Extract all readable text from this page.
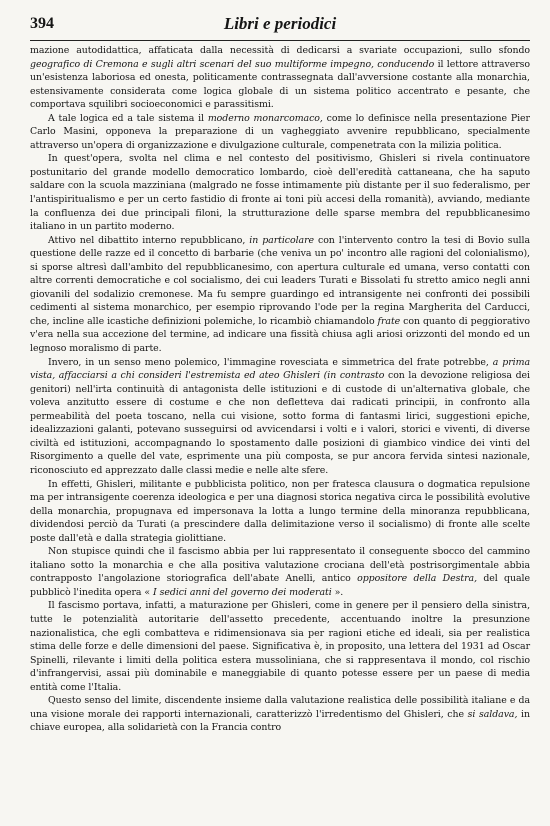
394	Libri e periodici

mazione autodidattica, affaticata dalla necessità di dedicarsi a svariate occupazioni, sullo sfondo geografico di Cremona e sugli altri scenari del suo multiforme impegno, conducendo il lettore attraverso un'esistenza laboriosa ed onesta, politicamente contrassegnata dall'avversione costante alla monarchia, estensivamente considerata come logica globale di un sistema politico accentrato e pesante, che comportava squilibri socioeconomici e parassitismi.

A tale logica ed a tale sistema il moderno monarcomaco, come lo definisce nella presentazione Pier Carlo Masini, opponeva la preparazione di un vagheggiato avvenire repubblicano, specialmente attraverso un'opera di organizzazione e divulgazione culturale, compenetrata con la milizia politica.

In quest'opera, svolta nel clima e nel contesto del positivismo, Ghisleri si rivela continuatore postunitario del grande modello democratico lombardo, cioè dell'eredità cattaneana, che ha saputo saldare con la scuola mazziniana (malgrado ne fosse intimamente più distante per il suo federalismo, per l'antispiritualismo e per un certo fastidio di fronte ai toni più accesi della romanità), avviando, mediante la confluenza dei due principali filoni, la strutturazione delle sparse membra del repubblicanesimo italiano in un partito moderno.

Attivo nel dibattito interno repubblicano, in particolare con l'intervento contro la tesi di Bovio sulla questione delle razze ed il concetto di barbarie (che veniva un po' incontro alle ragioni del colonialismo), si sporse altresì dall'ambito del repubblicanesimo, con apertura culturale ed umana, verso contatti con altre correnti democratiche e col socialismo, dei cui leaders Turati e Bissolati fu stretto amico negli anni giovanili del sodalizio cremonese. Ma fu sempre guardingo ed intransigente nei confronti dei possibili cedimenti al sistema monarchico, per esempio riprovando l'ode per la regina Margherita del Carducci, che, incline alle icastiche definizioni polemiche, lo ricambiò chiamandolo frate con quanto di peggiorativo v'era nella sua accezione del termine, ad indicare una fissità chiusa agli ariosi orizzonti del mondo ed un legnoso moralismo di parte.

Invero, in un senso meno polemico, l'immagine rovesciata e simmetrica del frate potrebbe, a prima vista, affacciarsi a chi consideri l'estremista ed ateo Ghisleri (in contrasto con la devozione religiosa dei genitori) nell'irta continuità di antagonista delle istituzioni e di custode di un'alternativa globale, che voleva anzitutto essere di costume e che non deflettevа dai radicati principii, in confronto alla permeabilità del poeta toscano, nella cui visione, sotto forma di fantasmi lirici, suggestioni epiche, idealizzazioni galanti, potevano susseguirsi od avvicendarsi i volti e i valori, storici e viventi, di diverse civiltà ed istituzioni, accompagnando lo spostamento dalle posizioni di giambico vindice dei vinti del Risorgimento a quelle del vate, esprimente una più composta, se pur ancora fervida sintesi nazionale, riconosciuto ed apprezzato dalle classi medie e nelle alte sfere.

In effetti, Ghisleri, militante e pubblicista politico, non per fratesca clausura o dogmatica repulsione ma per intransigente coerenza ideologica e per una diagnosi storica negativa circa le possibilità evolutive della monarchia, propugnava ed impersonava la lotta a lungo termine della minoranza repubblicana, dividendosi perciò da Turati (a prescindere dalla delimitazione verso il socialismo) di fronte alle scelte poste dall'età e dalla strategia giolittiane.

Non stupisce quindi che il fascismo abbia per lui rappresentato il conseguente sbocco del cammino italiano sotto la monarchia e che alla positiva valutazione crociana dell'età postrisorgimentale abbia contrapposto l'angolazione storiografica dell'abate Anelli, antico oppositore della Destra, del quale pubblicò l'inedita opera « I sedici anni del governo dei moderati ».

Il fascismo portava, infatti, a maturazione per Ghisleri, come in genere per il pensiero della sinistra, tutte le potenzialità autoritarie dell'assetto precedente, accentuando inoltre la presunzione nazionalistica, che egli combatteva e ridimensionava sia per ragioni etiche ed ideali, sia per realistica stima delle forze e delle dimensioni del paese. Significativa è, in proposito, una lettera del 1931 ad Oscar Spinelli, rilevante i limiti della politica estera mussoliniana, che si rappresentava il mondo, col rischio d'infrangervisi, assai più dominabile e maneggiabile di quanto potesse essere per un paese di media entità come l'Italia.

Questo senso del limite, discendente insieme dalla valutazione realistica delle possibilità italiane e da una visione morale dei rapporti internazionali, caratterizzò l'irredentismo del Ghisleri, che si saldava, in chiave europea, alla solidarietà con la Francia contro
